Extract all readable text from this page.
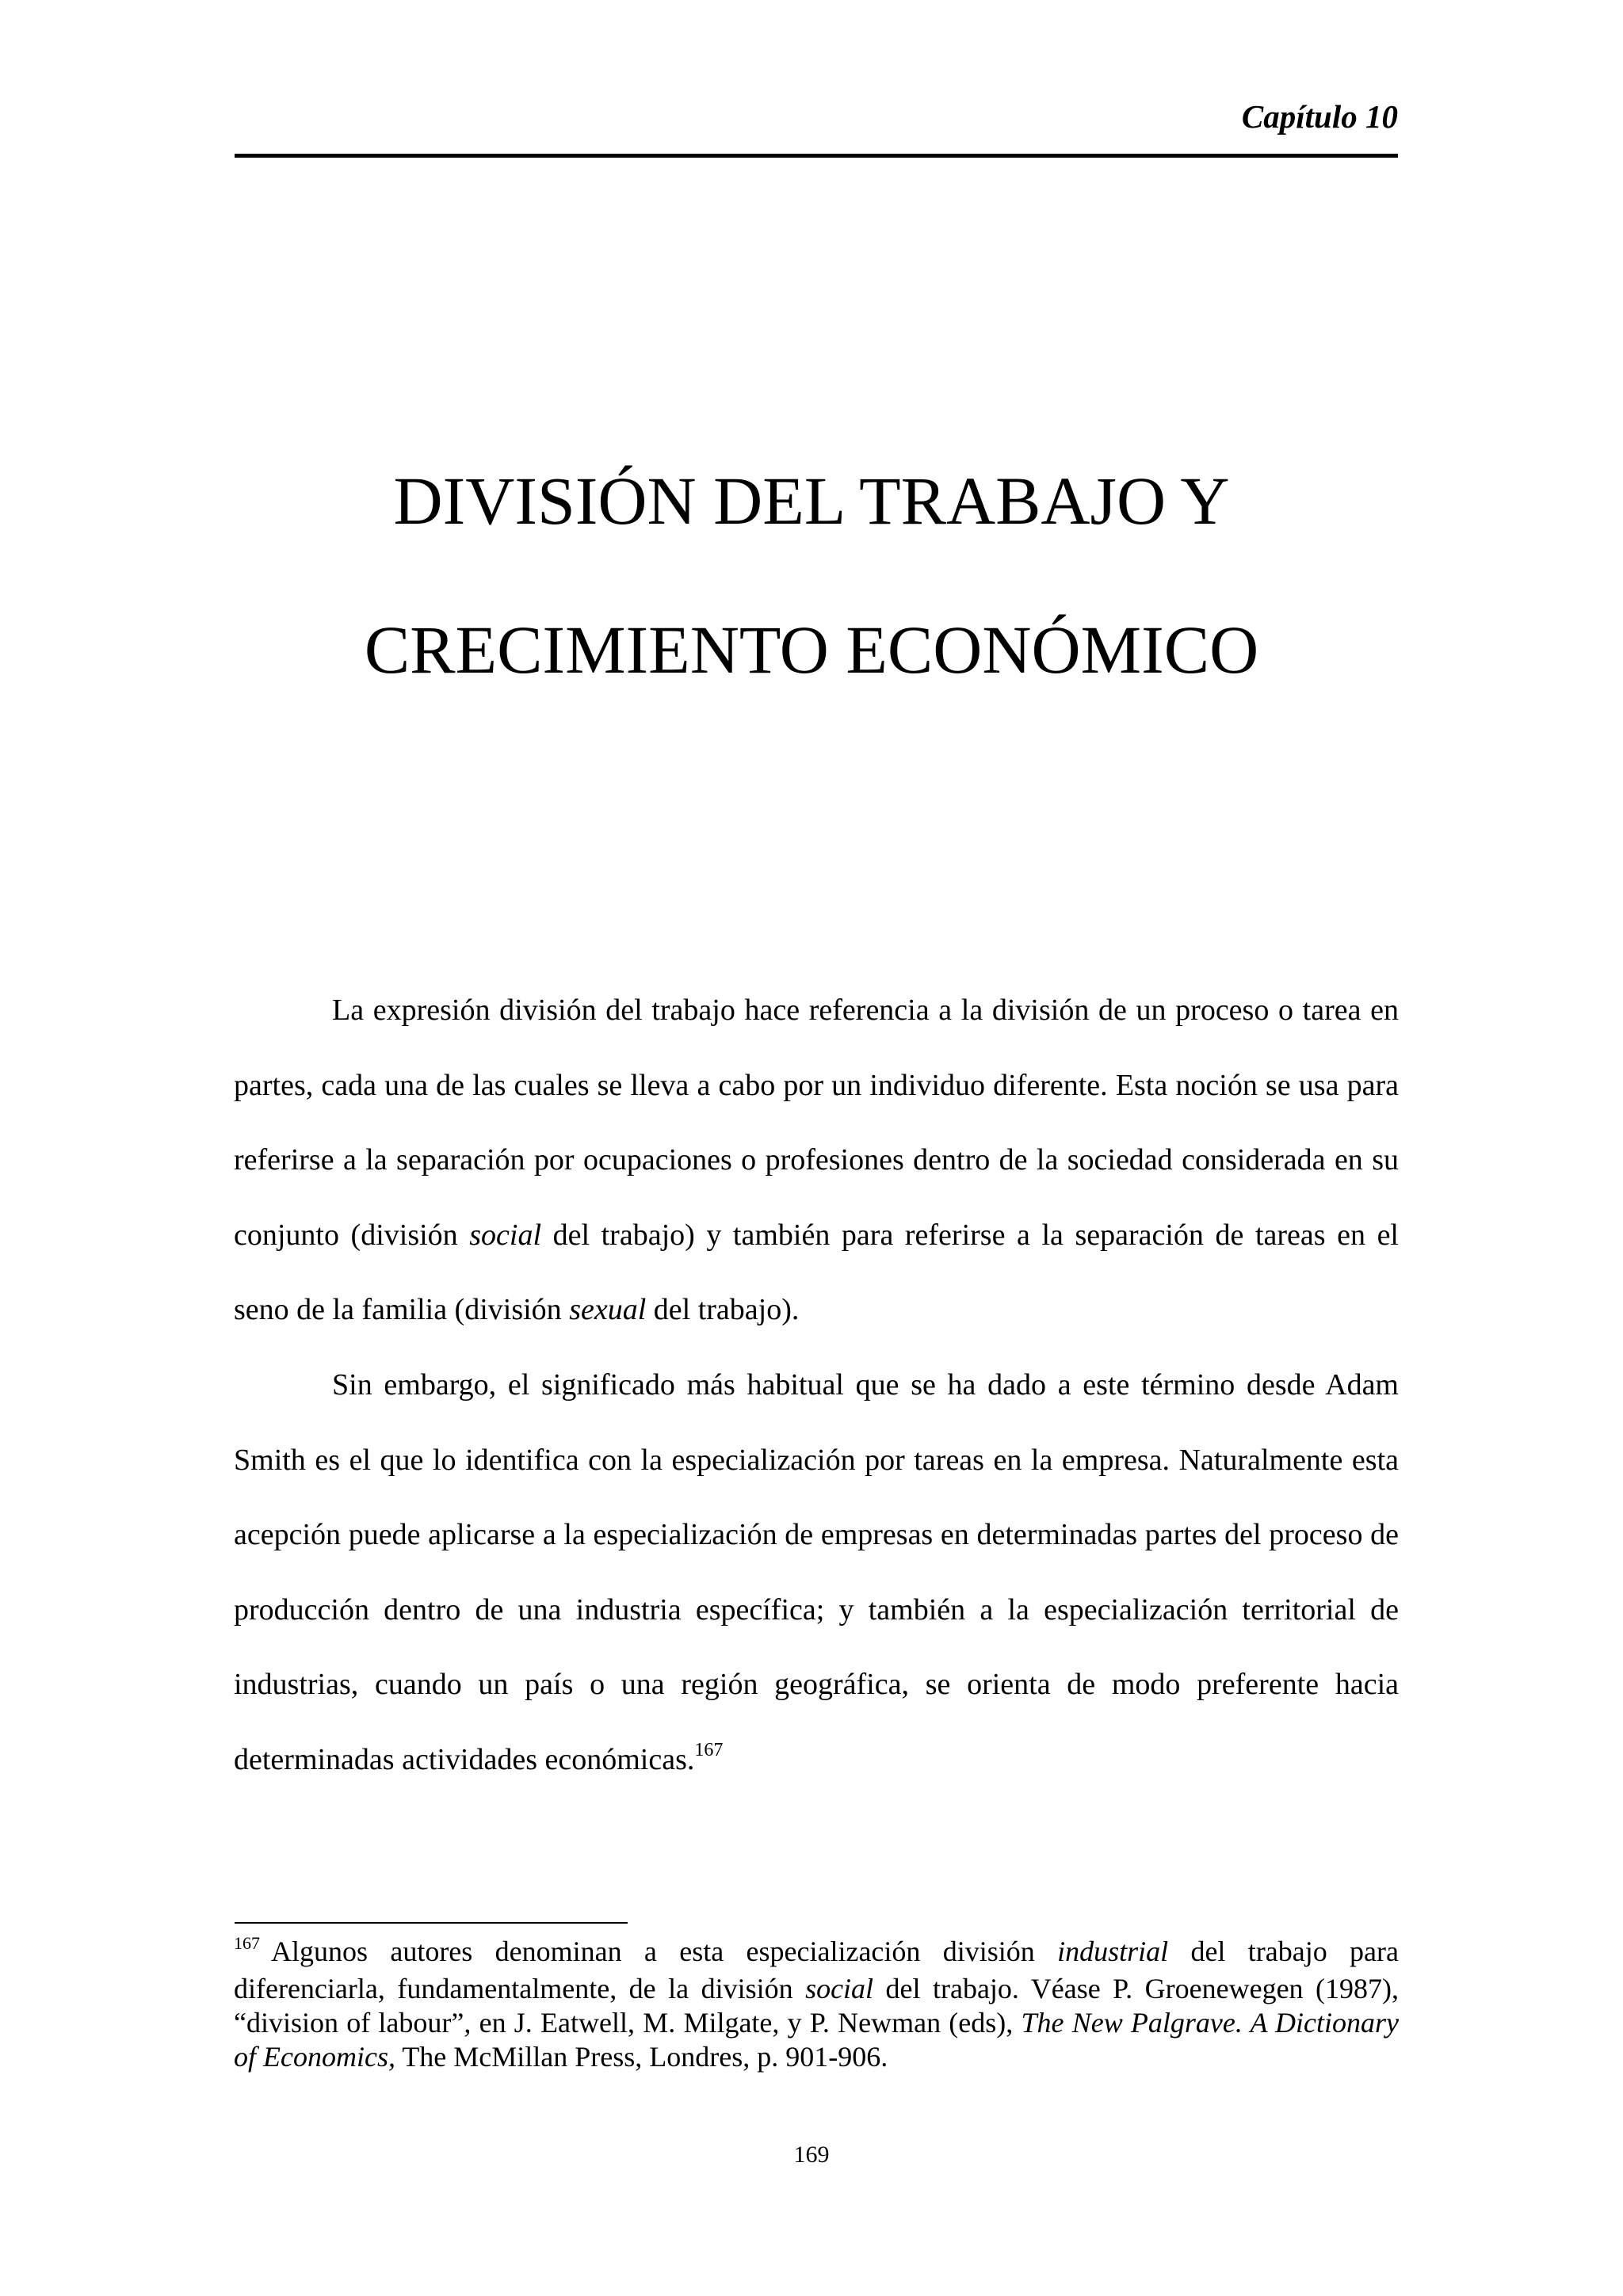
Capítulo 10
DIVISIÓN DEL TRABAJO Y
CRECIMIENTO ECONÓMICO

La expresión división del trabajo hace referencia a la división de un proceso o tarea en partes, cada una de las cuales se lleva a cabo por un individuo diferente. Esta noción se usa para referirse a la separación por ocupaciones o profesiones dentro de la sociedad considerada en su conjunto (división social del trabajo) y también para referirse a la separación de tareas en el seno de la familia (división sexual del trabajo).

Sin embargo, el significado más habitual que se ha dado a este término desde Adam Smith es el que lo identifica con la especialización por tareas en la empresa. Naturalmente esta acepción puede aplicarse a la especialización de empresas en determinadas partes del proceso de producción dentro de una industria específica; y también a la especialización territorial de industrias, cuando un país o una región geográfica, se orienta de modo preferente hacia determinadas actividades económicas.$^{167}$

$^{167}$ Algunos autores denominan a esta especialización división industrial del trabajo para diferenciarla, fundamentalmente, de la división social del trabajo. Véase P. Groenewegen (1987), “division of labour”, en J. Eatwell, M. Milgate, y P. Newman (eds), The New Palgrave. A Dictionary of Economics, The McMillan Press, Londres, p. 901-906.
169
